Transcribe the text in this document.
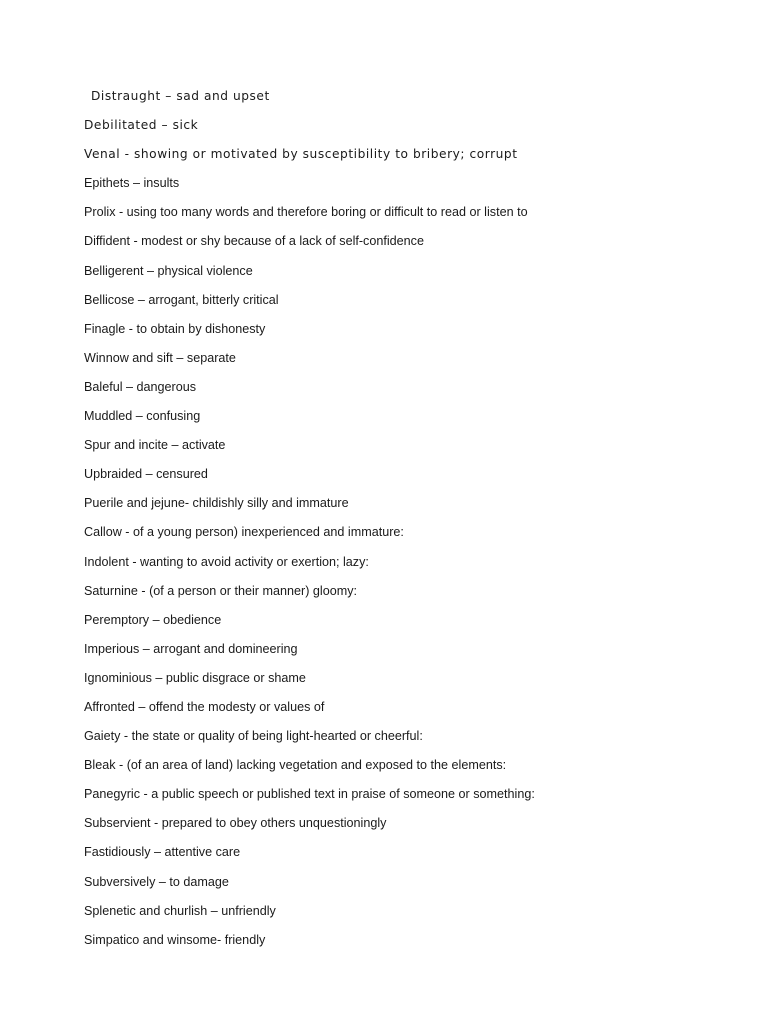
Distraught – sad and upset
Debilitated – sick
Venal - showing or motivated by susceptibility to bribery; corrupt
Epithets – insults
Prolix - using too many words and therefore boring or difficult to read or listen to
Diffident - modest or shy because of a lack of self-confidence
Belligerent – physical violence
Bellicose – arrogant, bitterly critical
Finagle - to obtain by dishonesty
Winnow and sift – separate
Baleful – dangerous
Muddled – confusing
Spur and incite – activate
Upbraided – censured
Puerile and jejune- childishly silly and immature
Callow - of a young person) inexperienced and immature:
Indolent - wanting to avoid activity or exertion; lazy:
Saturnine - (of a person or their manner) gloomy:
Peremptory – obedience
Imperious – arrogant and domineering
Ignominious – public disgrace or shame
Affronted – offend the modesty or values of
Gaiety - the state or quality of being light-hearted or cheerful:
Bleak - (of an area of land) lacking vegetation and exposed to the elements:
Panegyric - a public speech or published text in praise of someone or something:
Subservient - prepared to obey others unquestioningly
Fastidiously – attentive care
Subversively – to damage
Splenetic and churlish – unfriendly
Simpatico and winsome- friendly
